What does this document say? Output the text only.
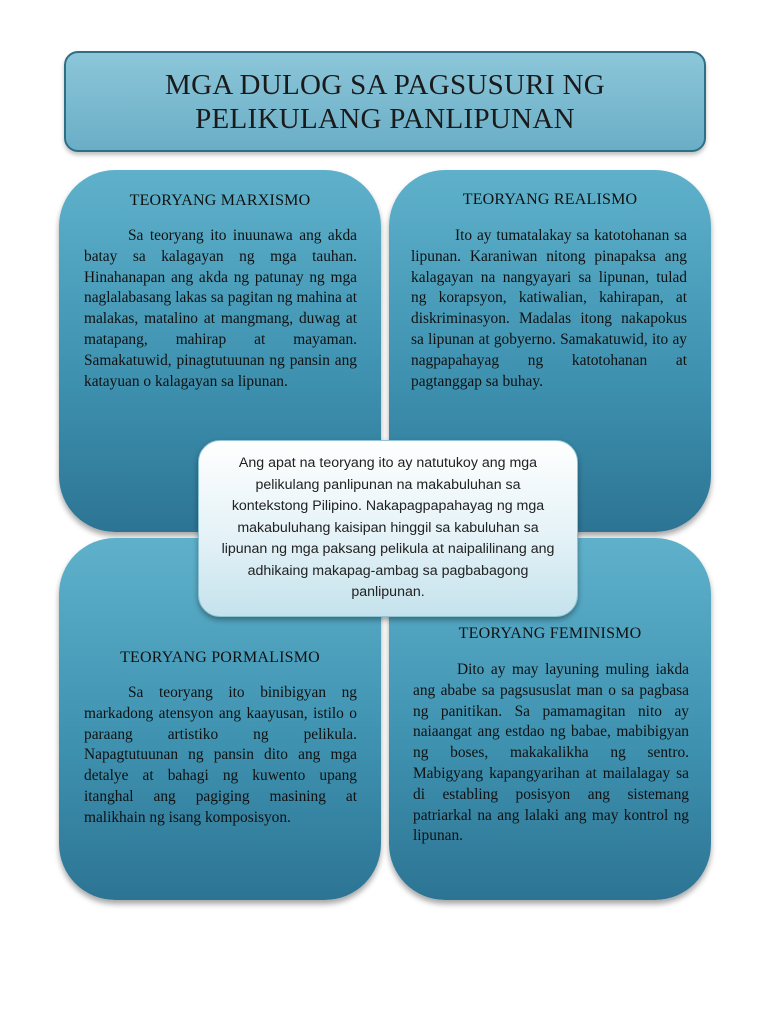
MGA DULOG SA PAGSUSURI NG
PELIKULANG PANLIPUNAN
TEORYANG MARXISMO
Sa teoryang ito inuunawa ang akda batay sa kalagayan ng mga tauhan. Hinahanapan ang akda ng patunay ng mga naglalabasang lakas sa pagitan ng mahina at malakas, matalino at mangmang, duwag at matapang, mahirap at mayaman. Samakatuwid, pinagtutuunan ng pansin ang katayuan o kalagayan sa lipunan.
TEORYANG REALISMO
Ito ay tumatalakay sa katotohanan sa lipunan. Karaniwan nitong pinapaksa ang kalagayan na nangyayari sa lipunan, tulad ng korapsyon, katiwalian, kahirapan, at diskriminasyon. Madalas itong nakapokus sa lipunan at gobyerno. Samakatuwid, ito ay nagpapahayag ng katotohanan at pagtanggap sa buhay.
TEORYANG PORMALISMO
Sa teoryang ito binibigyan ng markadong atensyon ang kaayusan, istilo o paraang artistiko ng pelikula. Napagtutuunan ng pansin dito ang mga detalye at bahagi ng kuwento upang itanghal ang pagiging masining at malikhain ng isang komposisyon.
TEORYANG FEMINISMO
Dito ay may layuning muling iakda ang ababe sa pagsususlat man o sa pagbasa ng panitikan. Sa pamamagitan nito ay naiaangat ang estdao ng babae, mabibigyan ng boses, makakalikha ng sentro. Mabigyang kapangyarihan at mailalagay sa di establing posisyon ang sistemang patriarkal na ang lalaki ang may kontrol ng lipunan.
Ang apat na teoryang ito ay natutukoy ang mga pelikulang panlipunan na makabuluhan sa kontekstong Pilipino. Nakapagpapahayag ng mga makabuluhang kaisipan hinggil sa kabuluhan sa lipunan ng mga paksang pelikula at naipalilinang ang adhikaing makapag-ambag sa pagbabagong panlipunan.
